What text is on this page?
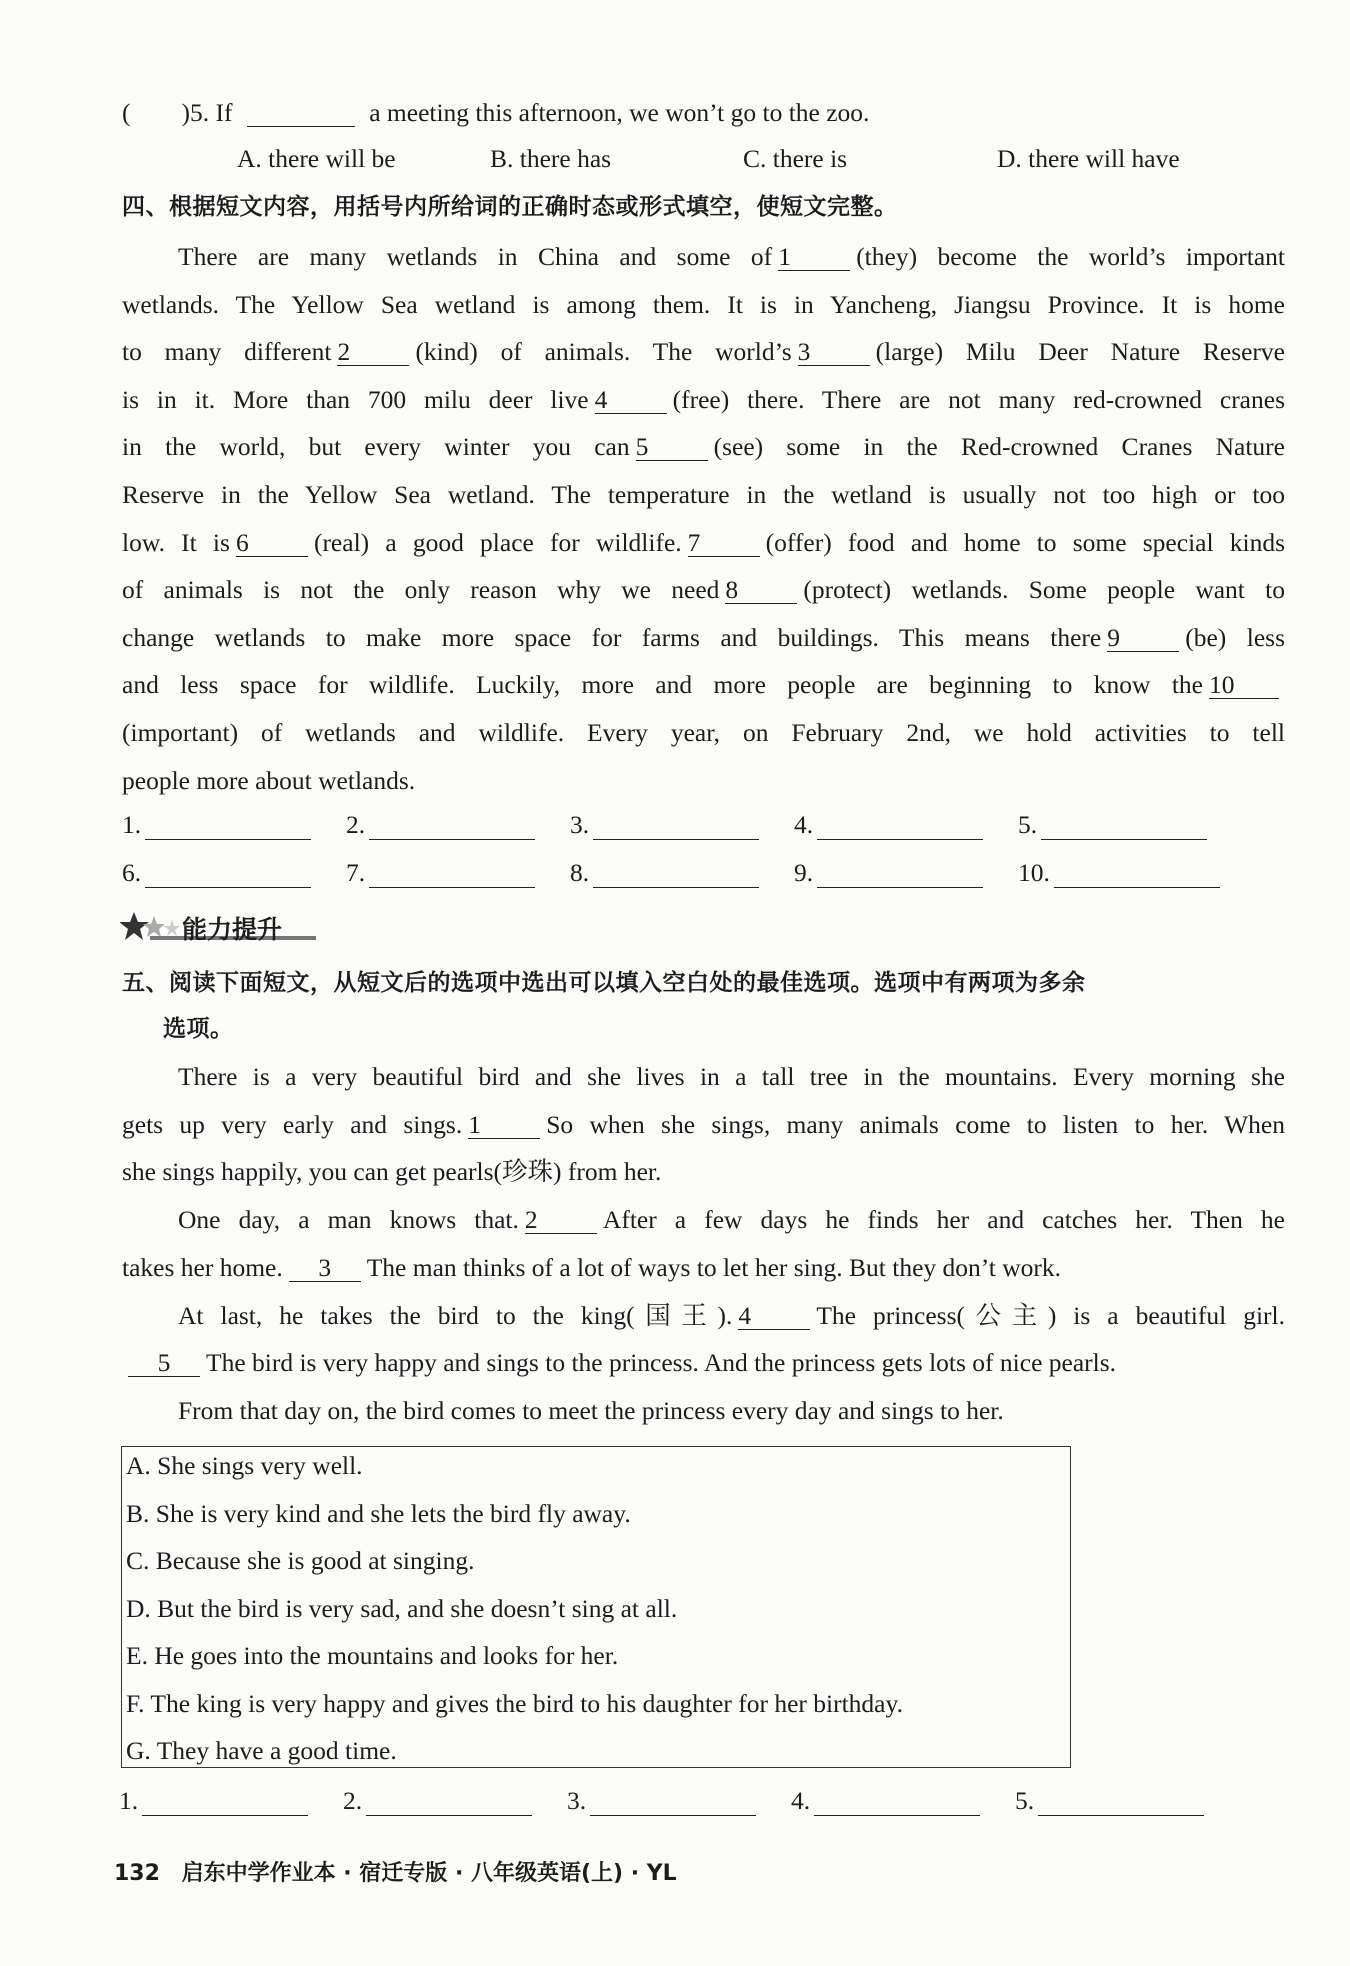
(　　)5. If	a meeting this afternoon, we won’t go to the zoo.
A. there will be	B. there has	C. there is	D. there will have
四、根据短文内容，用括号内所给词的正确时态或形式填空，使短文完整。
There are many wetlands in China and some of 1	(they) become the world’s important
wetlands. The Yellow Sea wetland is among them. It is in Yancheng, Jiangsu Province. It is home
to many different 2	(kind) of animals. The world’s 3	(large) Milu Deer Nature Reserve
is in it. More than 700 milu deer live 4	(free) there. There are not many red-crowned cranes
in the world, but every winter you can 5	(see) some in the Red-crowned Cranes Nature
Reserve in the Yellow Sea wetland. The temperature in the wetland is usually not too high or too
low. It is 6	(real) a good place for wildlife. 7	(offer) food and home to some special kinds
of animals is not the only reason why we need 8	(protect) wetlands. Some people want to
change wetlands to make more space for farms and buildings. This means there 9	(be) less
and less space for wildlife. Luckily, more and more people are beginning to know the 10
(important) of wetlands and wildlife. Every year, on February 2nd, we hold activities to tell
people more about wetlands.
1.	2.	3.	4.	5.
6.	7.	8.	9.	10.
能力提升
五、阅读下面短文，从短文后的选项中选出可以填入空白处的最佳选项。选项中有两项为多余
选项。
There is a very beautiful bird and she lives in a tall tree in the mountains. Every morning she
gets up very early and sings. 1	So when she sings, many animals come to listen to her. When
she sings happily, you can get pearls(珍珠) from her.
One day, a man knows that. 2	After a few days he finds her and catches her. Then he
takes her home. 3 The man thinks of a lot of ways to let her sing. But they don’t work.
At last, he takes the bird to the king(国王). 4	The princess(公主) is a beautiful girl.
5 The bird is very happy and sings to the princess. And the princess gets lots of nice pearls.
From that day on, the bird comes to meet the princess every day and sings to her.
A. She sings very well.
B. She is very kind and she lets the bird fly away.
C. Because she is good at singing.
D. But the bird is very sad, and she doesn’t sing at all.
E. He goes into the mountains and looks for her.
F. The king is very happy and gives the bird to his daughter for her birthday.
G. They have a good time.
1.	2.	3.	4.	5.
132 启东中学作业本 · 宿迁专版 · 八年级英语(上) · YL
